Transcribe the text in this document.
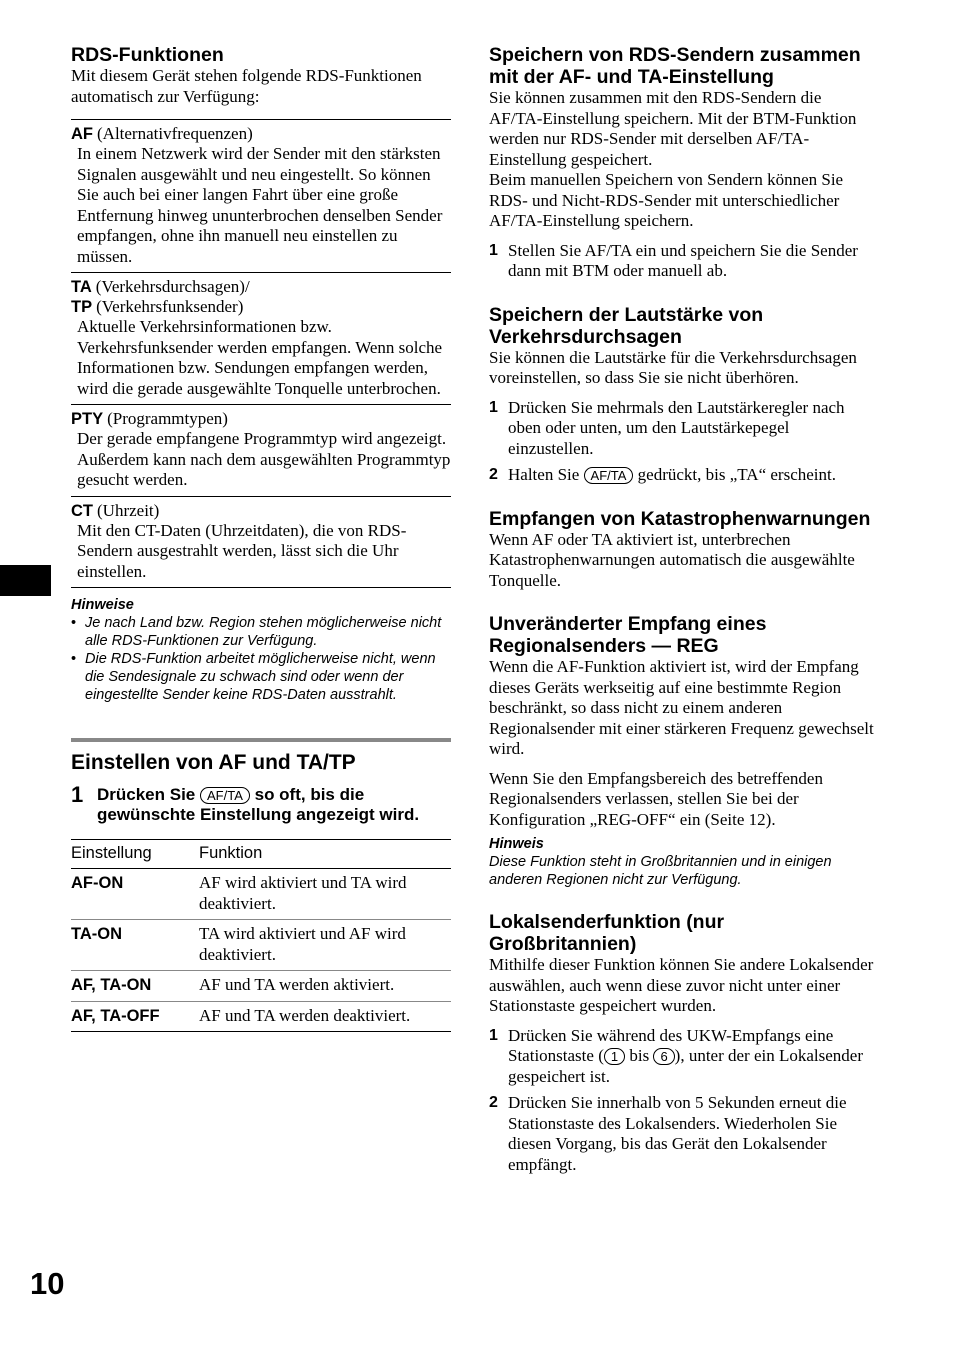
10
RDS-Funktionen

Mit diesem Gerät stehen folgende RDS-Funktionen automatisch zur Verfügung:

AF (Alternativfrequenzen)
In einem Netzwerk wird der Sender mit den stärksten Signalen ausgewählt und neu eingestellt. So können Sie auch bei einer langen Fahrt über eine große Entfernung hinweg ununterbrochen denselben Sender empfangen, ohne ihn manuell neu einstellen zu müssen.
TA (Verkehrsdurchsagen)/
TP (Verkehrsfunksender)
Aktuelle Verkehrsinformationen bzw. Verkehrsfunksender werden empfangen. Wenn solche Informationen bzw. Sendungen empfangen werden, wird die gerade ausgewählte Tonquelle unterbrochen.
PTY (Programmtypen)
Der gerade empfangene Programmtyp wird angezeigt. Außerdem kann nach dem ausgewählten Programmtyp gesucht werden.
CT (Uhrzeit)
Mit den CT-Daten (Uhrzeitdaten), die von RDS-Sendern ausgestrahlt werden, lässt sich die Uhr einstellen.
Hinweise
• Je nach Land bzw. Region stehen möglicherweise nicht alle RDS-Funktionen zur Verfügung.
• Die RDS-Funktion arbeitet möglicherweise nicht, wenn die Sendesignale zu schwach sind oder wenn der eingestellte Sender keine RDS-Daten ausstrahlt.
Einstellen von AF und TA/TP
1 Drücken Sie AF/TA so oft, bis die gewünschte Einstellung angezeigt wird.
Einstellung	Funktion
AF-ON	AF wird aktiviert und TA wird deaktiviert.
TA-ON	TA wird aktiviert und AF wird deaktiviert.
AF, TA-ON	AF und TA werden aktiviert.
AF, TA-OFF	AF und TA werden deaktiviert.
Speichern von RDS-Sendern zusammen mit der AF- und TA-Einstellung

Sie können zusammen mit den RDS-Sendern die AF/TA-Einstellung speichern. Mit der BTM-Funktion werden nur RDS-Sender mit derselben AF/TA-Einstellung gespeichert.

Beim manuellen Speichern von Sendern können Sie RDS- und Nicht-RDS-Sender mit unterschiedlicher AF/TA-Einstellung speichern.

1 Stellen Sie AF/TA ein und speichern Sie die Sender dann mit BTM oder manuell ab.
Speichern der Lautstärke von Verkehrsdurchsagen

Sie können die Lautstärke für die Verkehrsdurchsagen voreinstellen, so dass Sie sie nicht überhören.

1 Drücken Sie mehrmals den Lautstärkeregler nach oben oder unten, um den Lautstärkepegel einzustellen.
2 Halten Sie AF/TA gedrückt, bis „TA“ erscheint.
Empfangen von Katastrophenwarnungen

Wenn AF oder TA aktiviert ist, unterbrechen Katastrophenwarnungen automatisch die ausgewählte Tonquelle.

Unveränderter Empfang eines Regionalsenders — REG

Wenn die AF-Funktion aktiviert ist, wird der Empfang dieses Geräts werkseitig auf eine bestimmte Region beschränkt, so dass nicht zu einem anderen Regionalsender mit einer stärkeren Frequenz gewechselt wird.

Wenn Sie den Empfangsbereich des betreffenden Regionalsenders verlassen, stellen Sie bei der Konfiguration „REG-OFF“ ein (Seite 12).

Hinweis
Diese Funktion steht in Großbritannien und in einigen anderen Regionen nicht zur Verfügung.
Lokalsenderfunktion (nur Großbritannien)

Mithilfe dieser Funktion können Sie andere Lokalsender auswählen, auch wenn diese zuvor nicht unter einer Stationstaste gespeichert wurden.

1 Drücken Sie während des UKW-Empfangs eine Stationstaste ( 1 bis 6 ), unter der ein Lokalsender gespeichert ist.
2 Drücken Sie innerhalb von 5 Sekunden erneut die Stationstaste des Lokalsenders. Wiederholen Sie diesen Vorgang, bis das Gerät den Lokalsender empfängt.
